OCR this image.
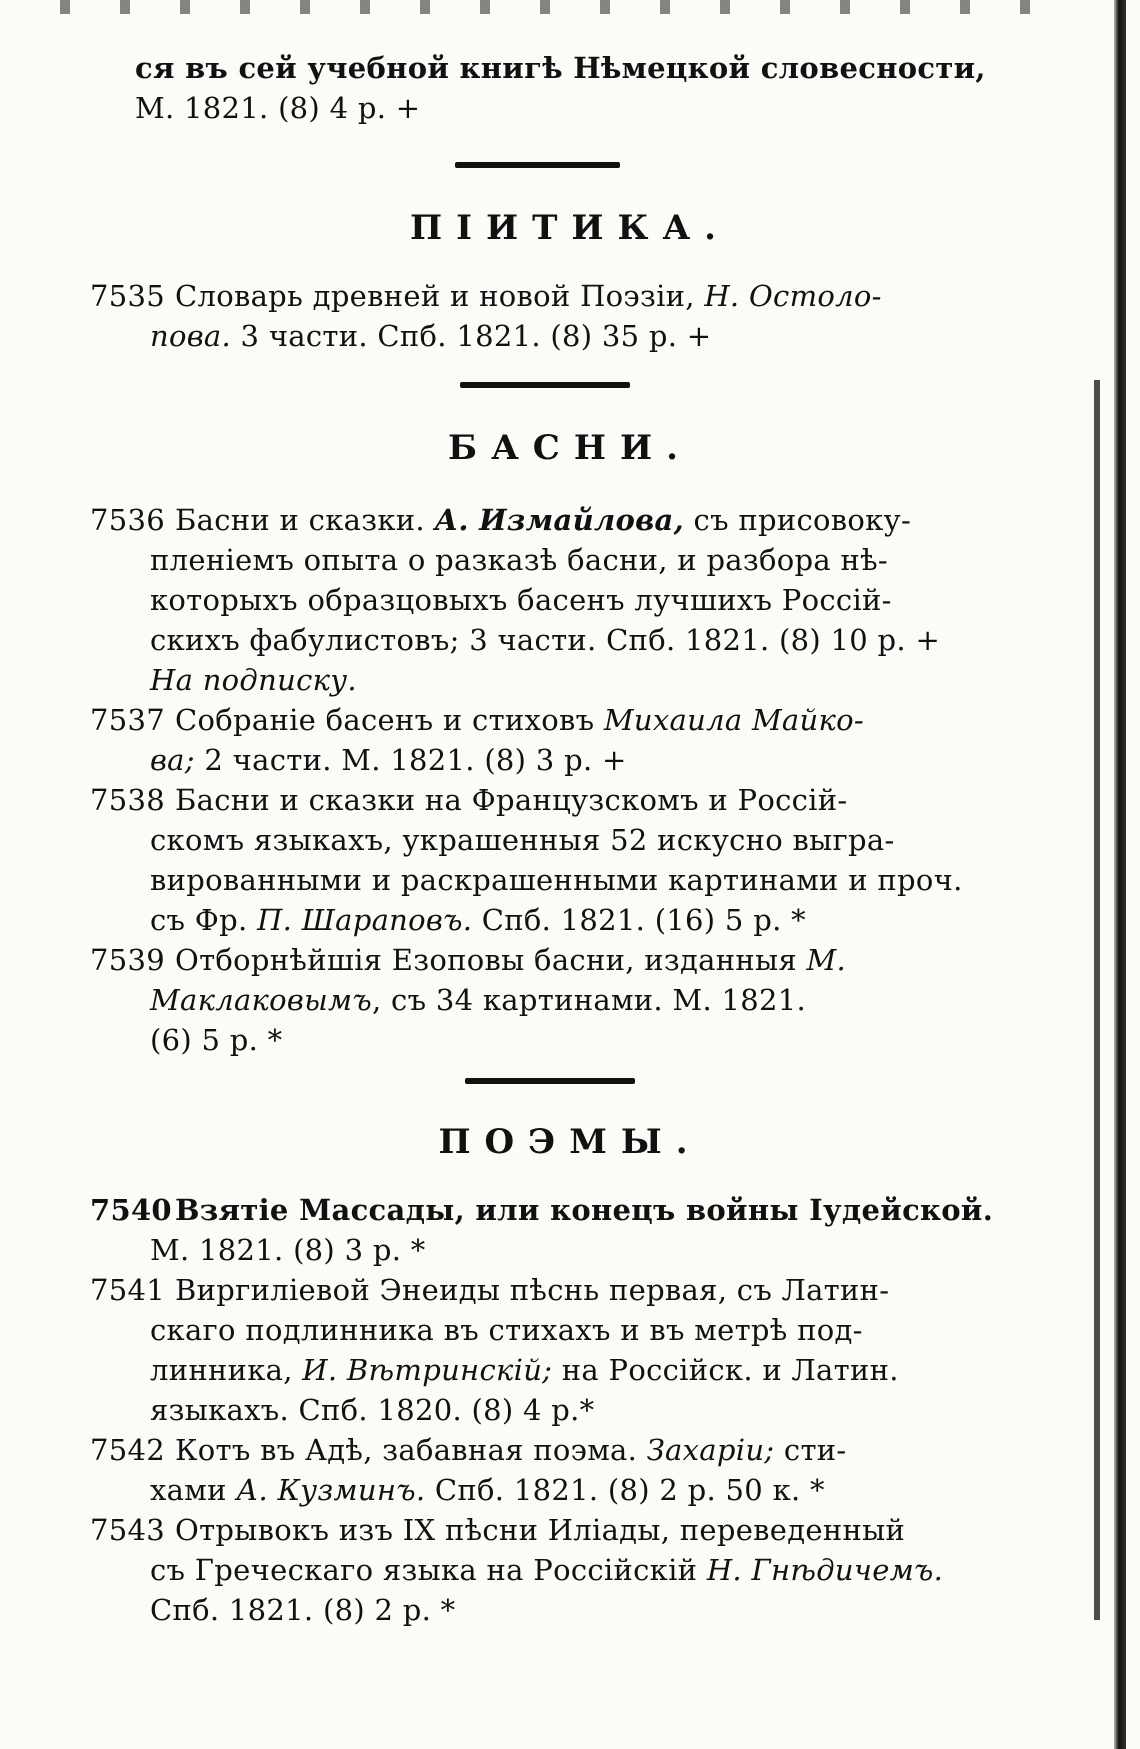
ся въ сей учебной книгѣ Нѣмецкой словесности,
М. 1821. (8) 4 р. +
ПІИТИКА.
7535 Словарь древней и новой Поэзіи, Н. Остоло-
пова. 3 части. Спб. 1821. (8) 35 р. +
БАСНИ.
7536 Басни и сказки. А. Измайлова, съ присовоку-
пленіемъ опыта о разказѣ басни, и разбора нѣ-
которыхъ образцовыхъ басенъ лучшихъ Россій-
скихъ фабулистовъ; 3 части. Спб. 1821. (8) 10 р. +
На подписку.
7537 Собраніе басенъ и стиховъ Михаила Майко-
ва; 2 части. М. 1821. (8) 3 р. +
7538 Басни и сказки на Французскомъ и Россій-
скомъ языкахъ, украшенныя 52 искусно выгра-
вированными и раскрашенными картинами и проч.
съ Фр. П. Шараповъ. Спб. 1821. (16) 5 р. *
7539 Отборнѣйшія Езоповы басни, изданныя М.
Маклаковымъ, съ 34 картинами. М. 1821.
(6) 5 р. *
ПОЭМЫ.
7540 Взятіе Массады, или конецъ войны Іудейской.
М. 1821. (8) 3 р. *
7541 Виргиліевой Энеиды пѣснь первая, съ Латин-
скаго подлинника въ стихахъ и въ метрѣ под-
линника, И. Вѣтринскій; на Россійск. и Латин.
языкахъ. Спб. 1820. (8) 4 р.*
7542 Котъ въ Адѣ, забавная поэма. Захаріи; сти-
хами А. Кузминъ. Спб. 1821. (8) 2 р. 50 к. *
7543 Отрывокъ изъ IX пѣсни Иліады, переведенный
съ Греческаго языка на Россійскій Н. Гнѣдичемъ.
Спб. 1821. (8) 2 р. *
